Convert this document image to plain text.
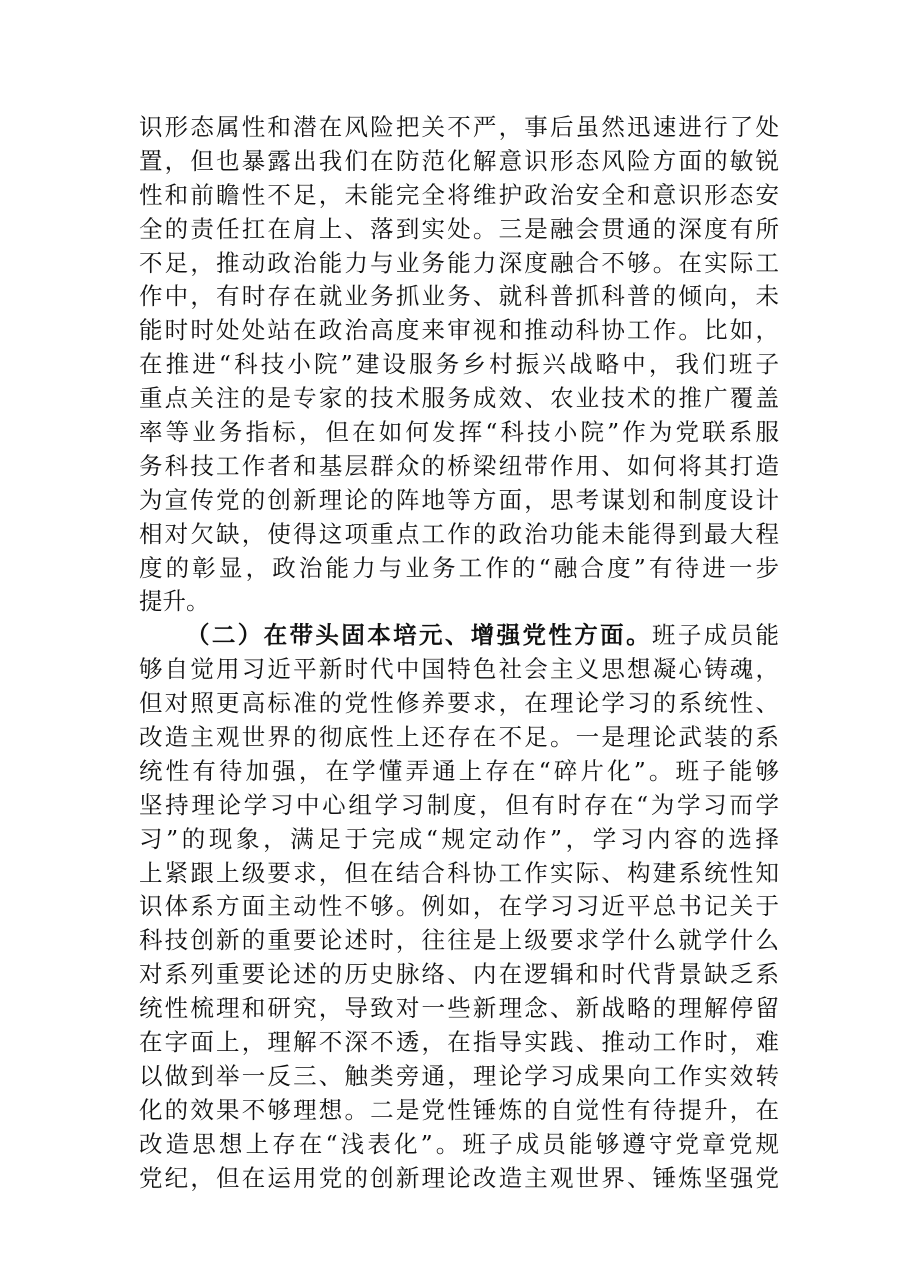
识形态属性和潜在风险把关不严，事后虽然迅速进行了处
置，但也暴露出我们在防范化解意识形态风险方面的敏锐
性和前瞻性不足，未能完全将维护政治安全和意识形态安
全的责任扛在肩上、落到实处。三是融会贯通的深度有所
不足，推动政治能力与业务能力深度融合不够。在实际工
作中，有时存在就业务抓业务、就科普抓科普的倾向，未
能时时处处站在政治高度来审视和推动科协工作。比如，
在推进“科技小院”建设服务乡村振兴战略中，我们班子
重点关注的是专家的技术服务成效、农业技术的推广覆盖
率等业务指标，但在如何发挥“科技小院”作为党联系服
务科技工作者和基层群众的桥梁纽带作用、如何将其打造
为宣传党的创新理论的阵地等方面，思考谋划和制度设计
相对欠缺，使得这项重点工作的政治功能未能得到最大程
度的彰显，政治能力与业务工作的“融合度”有待进一步
提升。
（二）在带头固本培元、增强党性方面。班子成员能
够自觉用习近平新时代中国特色社会主义思想凝心铸魂，
但对照更高标准的党性修养要求，在理论学习的系统性、
改造主观世界的彻底性上还存在不足。一是理论武装的系
统性有待加强，在学懂弄通上存在“碎片化”。班子能够
坚持理论学习中心组学习制度，但有时存在“为学习而学
习”的现象，满足于完成“规定动作”，学习内容的选择
上紧跟上级要求，但在结合科协工作实际、构建系统性知
识体系方面主动性不够。例如，在学习习近平总书记关于
科技创新的重要论述时，往往是上级要求学什么就学什么
对系列重要论述的历史脉络、内在逻辑和时代背景缺乏系
统性梳理和研究，导致对一些新理念、新战略的理解停留
在字面上，理解不深不透，在指导实践、推动工作时，难
以做到举一反三、触类旁通，理论学习成果向工作实效转
化的效果不够理想。二是党性锤炼的自觉性有待提升，在
改造思想上存在“浅表化”。班子成员能够遵守党章党规
党纪，但在运用党的创新理论改造主观世界、锤炼坚强党
